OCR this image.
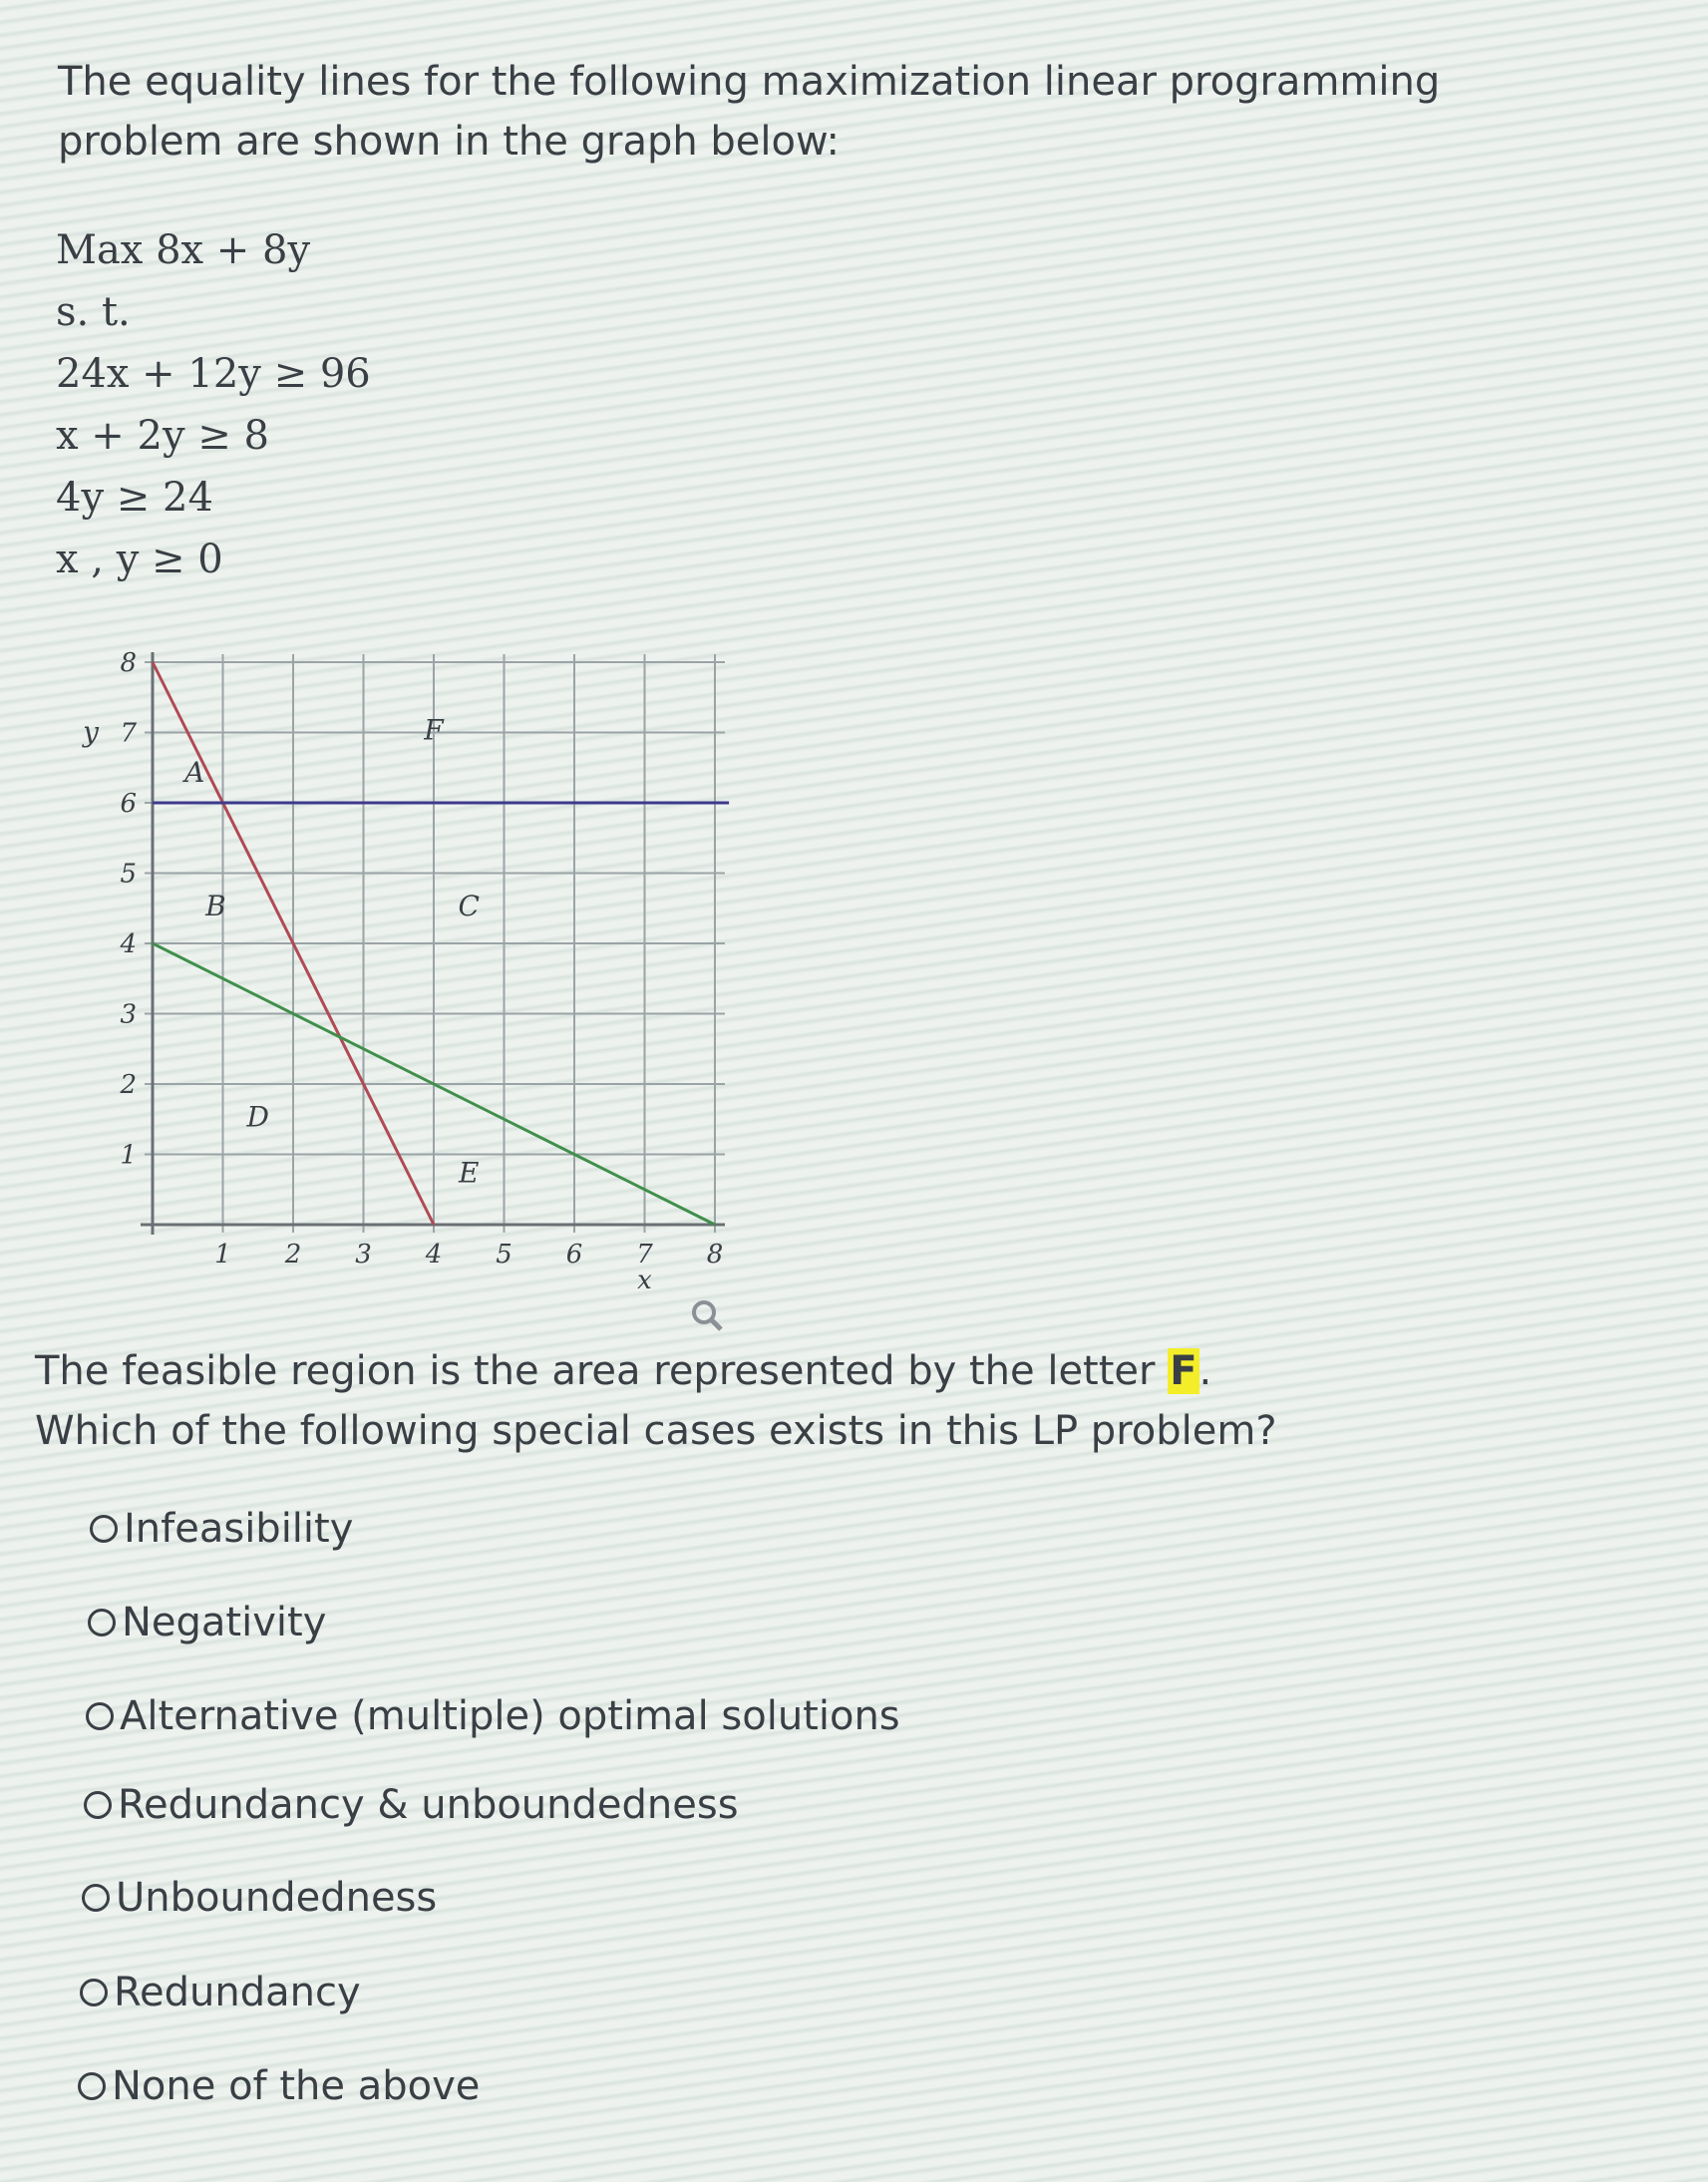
The equality lines for the following maximization linear programming problem are shown in the graph below:
Max 8x + 8y
s. t.
24x + 12y ≥ 96
x + 2y ≥ 8
4y ≥ 24
x , y ≥ 0
1 2 3 4 5 6 7 8
1
2
3
4
5
6
7
8
x
y
A
B	C
D
E
F
The feasible region is the area represented by the letter F.
Which of the following special cases exists in this LP problem?
Infeasibility
Negativity
Alternative (multiple) optimal solutions
Redundancy & unboundedness
Unboundedness
Redundancy
None of the above
